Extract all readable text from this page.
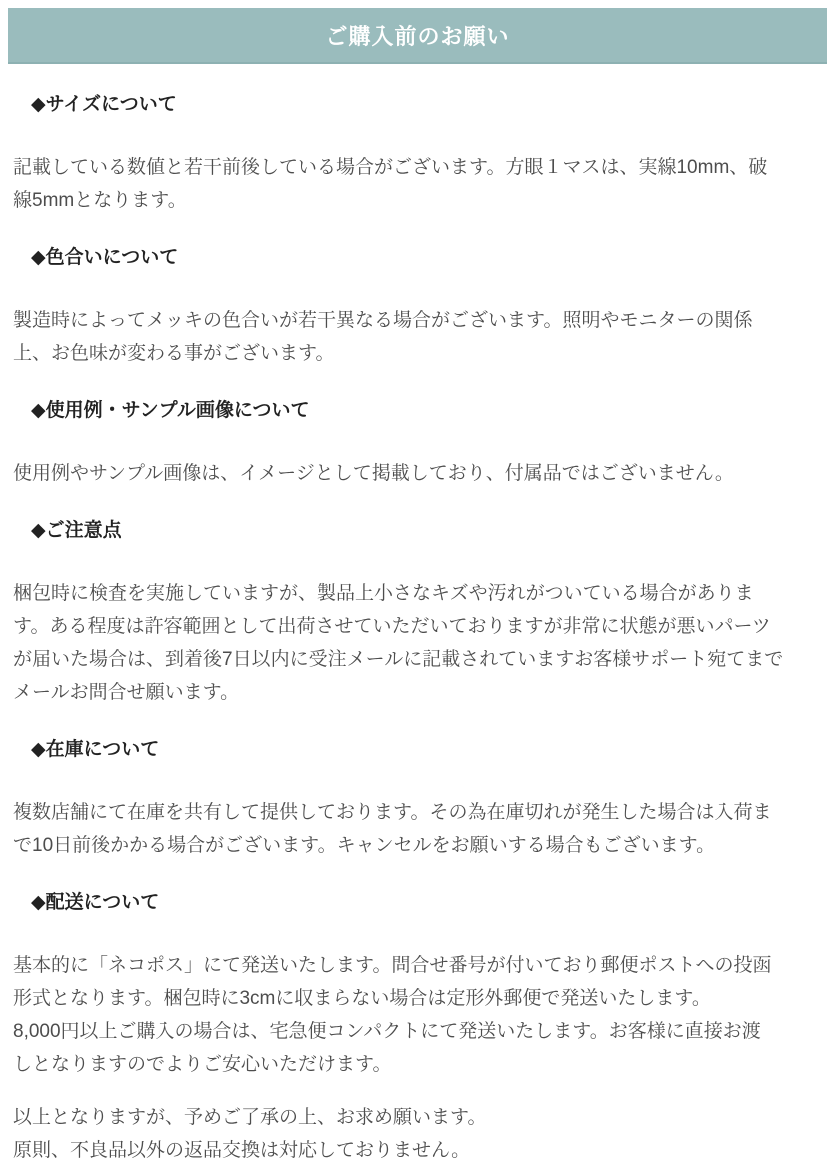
ご購入前のお願い
◆サイズについて
記載している数値と若干前後している場合がございます。方眼１マスは、実線10mm、破
線5mmとなります。
◆色合いについて
製造時によってメッキの色合いが若干異なる場合がございます。照明やモニターの関係
上、お色味が変わる事がございます。
◆使用例・サンプル画像について
使用例やサンプル画像は、イメージとして掲載しており、付属品ではございません。
◆ご注意点
梱包時に検査を実施していますが、製品上小さなキズや汚れがついている場合がありま
す。ある程度は許容範囲として出荷させていただいておりますが非常に状態が悪いパーツ
が届いた場合は、到着後7日以内に受注メールに記載されていますお客様サポート宛てまで
メールお問合せ願います。
◆在庫について
複数店舗にて在庫を共有して提供しております。その為在庫切れが発生した場合は入荷ま
で10日前後かかる場合がございます。キャンセルをお願いする場合もございます。
◆配送について
基本的に「ネコポス」にて発送いたします。問合せ番号が付いており郵便ポストへの投函
形式となります。梱包時に3cmに収まらない場合は定形外郵便で発送いたします。
8,000円以上ご購入の場合は、宅急便コンパクトにて発送いたします。お客様に直接お渡
しとなりますのでよりご安心いただけます。
以上となりますが、予めご了承の上、お求め願います。
原則、不良品以外の返品交換は対応しておりません。
